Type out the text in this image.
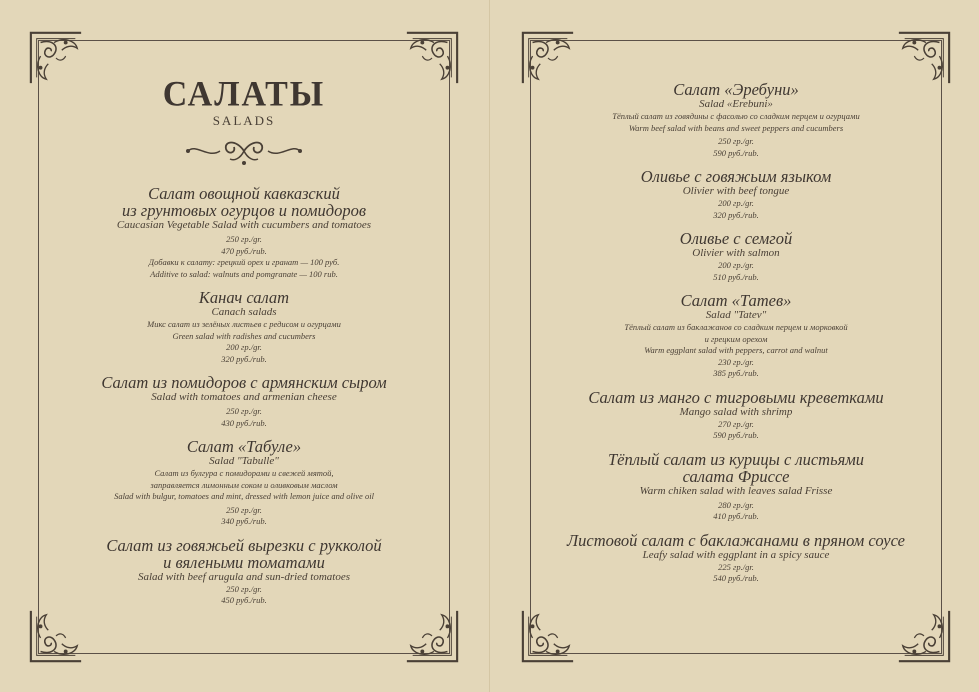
САЛАТЫ
SALADS
Салат овощной кавказский
из грунтовых огурцов и помидоров
Caucasian Vegetable Salad with cucumbers and tomatoes
250 гр./gr.
470 руб./rub.
Добавки к салату: грецкий орех и гранат — 100 руб.
Additive to salad: walnuts and pomgranate — 100 rub.
Канач салат
Canach salads
Микс салат из зелёных листьев с редисом и огурцами
Green salad with radishes and cucumbers
200 гр./gr.
320 руб./rub.
Салат из помидоров с армянским сыром
Salad with tomatoes and armenian cheese
250 гр./gr.
430 руб./rub.
Салат «Табуле»
Salad "Tabulle"
Салат из булгура с помидорами и свежей мятой,
заправляется лимонным соком и оливковым маслом
Salad with bulgur, tomatoes and mint, dressed with lemon juice and olive oil
250 гр./gr.
340 руб./rub.
Салат из говяжьей вырезки с рукколой
и вялеными томатами
Salad with beef arugula and sun-dried tomatoes
250 гр./gr.
450 руб./rub.
Салат «Эребуни»
Salad «Erebuni»
Тёплый салат из говядины с фасолью со сладким перцем и огурцами
Warm beef salad with beans and sweet peppers and cucumbers
250 гр./gr.
590 руб./rub.
Оливье с говяжьим языком
Olivier with beef tongue
200 гр./gr.
320 руб./rub.
Оливье с семгой
Olivier with salmon
200 гр./gr.
510 руб./rub.
Салат «Татев»
Salad "Tatev"
Тёплый салат из баклажанов со сладким перцем и морковкой
и грецким орехом
Warm eggplant salad with peppers, carrot and walnut
230 гр./gr.
385 руб./rub.
Салат из манго с тигровыми креветками
Mango salad with shrimp
270 гр./gr.
590 руб./rub.
Тёплый салат из курицы с листьями
салата Фриссе
Warm chiken salad with leaves salad Frisse
280 гр./gr.
410 руб./rub.
Листовой салат с баклажанами в пряном соусе
Leafy salad with eggplant in a spicy sauce
225 гр./gr.
540 руб./rub.
